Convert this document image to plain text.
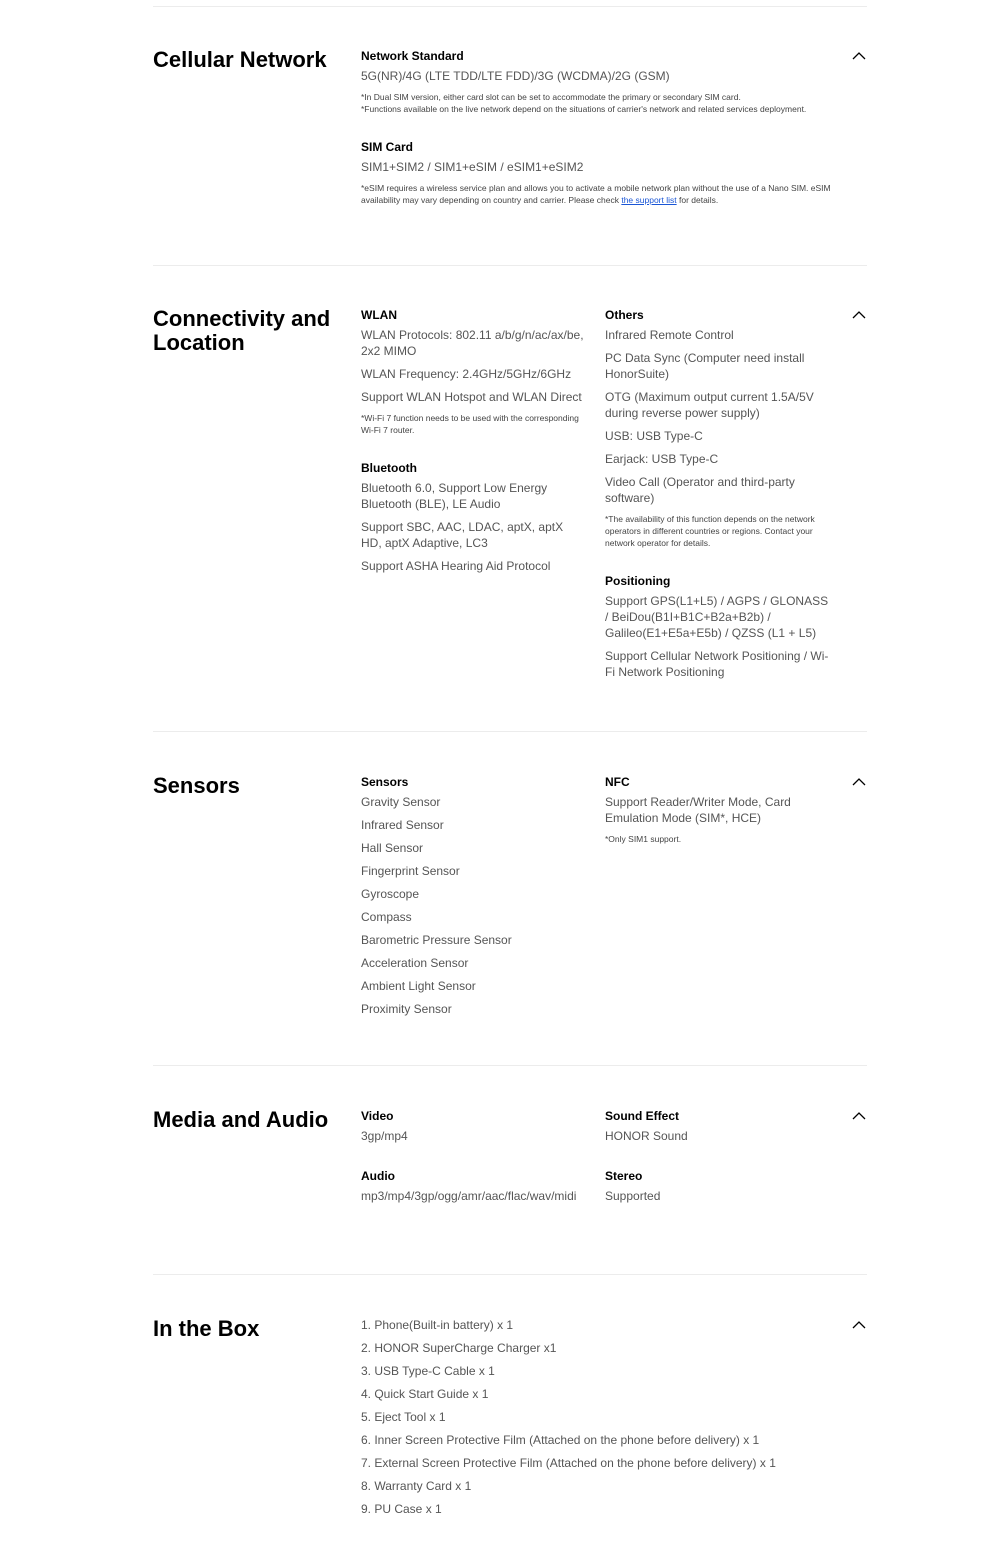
Cellular Network	Network Standard
5G(NR)/4G (LTE TDD/LTE FDD)/3G (WCDMA)/2G (GSM)
*In Dual SIM version, either card slot can be set to accommodate the primary or secondary SIM card.
*Functions available on the live network depend on the situations of carrier's network and related services deployment.
SIM Card
SIM1+SIM2 / SIM1+eSIM / eSIM1+eSIM2
*eSIM requires a wireless service plan and allows you to activate a mobile network plan without the use of a Nano SIM. eSIM availability may vary depending on country and carrier. Please check the support list for details.
Connectivity and Location
WLAN
WLAN Protocols: 802.11 a/b/g/n/ac/ax/be, 2x2 MIMO
WLAN Frequency: 2.4GHz/5GHz/6GHz
Support WLAN Hotspot and WLAN Direct
*Wi-Fi 7 function needs to be used with the corresponding Wi-Fi 7 router.
Bluetooth
Bluetooth 6.0, Support Low Energy Bluetooth (BLE), LE Audio
Support SBC, AAC, LDAC, aptX, aptX HD, aptX Adaptive, LC3
Support ASHA Hearing Aid Protocol
Others
Infrared Remote Control
PC Data Sync (Computer need install HonorSuite)
OTG (Maximum output current 1.5A/5V during reverse power supply)
USB: USB Type-C
Earjack: USB Type-C
Video Call (Operator and third-party software)
*The availability of this function depends on the network operators in different countries or regions. Contact your network operator for details.
Positioning
Support GPS(L1+L5) / AGPS / GLONASS / BeiDou(B1I+B1C+B2a+B2b) / Galileo(E1+E5a+E5b) / QZSS (L1 + L5)
Support Cellular Network Positioning / Wi-Fi Network Positioning
Sensors	Sensors
Gravity Sensor
Infrared Sensor
Hall Sensor
Fingerprint Sensor
Gyroscope
Compass
Barometric Pressure Sensor
Acceleration Sensor
Ambient Light Sensor
Proximity Sensor
NFC
Support Reader/Writer Mode, Card Emulation Mode (SIM*, HCE)
*Only SIM1 support.
Media and Audio	Video
3gp/mp4
Audio
mp3/mp4/3gp/ogg/amr/aac/flac/wav/midi
Sound Effect
HONOR Sound
Stereo
Supported
In the Box	1. Phone(Built-in battery) x 1
2. HONOR SuperCharge Charger x1
3. USB Type-C Cable x 1
4. Quick Start Guide x 1
5. Eject Tool x 1
6. Inner Screen Protective Film (Attached on the phone before delivery) x 1
7. External Screen Protective Film (Attached on the phone before delivery) x 1
8. Warranty Card x 1
9. PU Case x 1
